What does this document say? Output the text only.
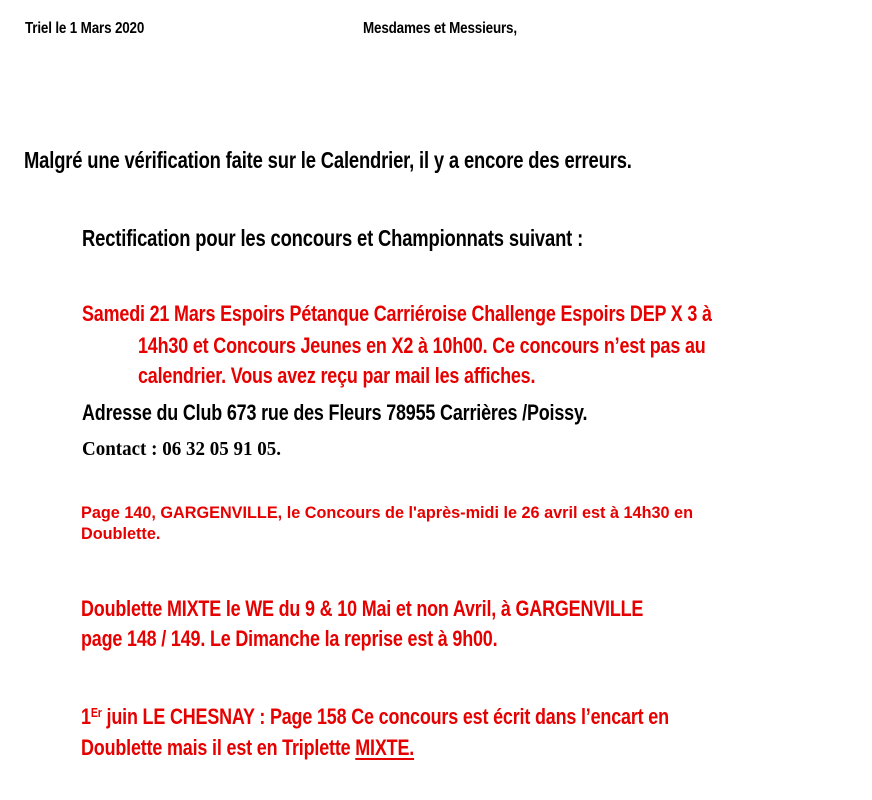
Triel le 1 Mars 2020	Mesdames et Messieurs,
Malgré une vérification faite sur le Calendrier, il y a encore des erreurs.
Rectification pour les concours et Championnats suivant :
Samedi 21 Mars Espoirs Pétanque Carriéroise Challenge Espoirs DEP X 3 à
14h30 et Concours Jeunes en X2 à 10h00. Ce concours n’est pas au
calendrier. Vous avez reçu par mail les affiches.
Adresse du Club 673 rue des Fleurs 78955 Carrières /Poissy.
Contact : 06 32 05 91 05.
Page 140, GARGENVILLE, le Concours de l'après-midi le 26 avril est à 14h30 en
Doublette.
Doublette MIXTE le WE du 9 & 10 Mai et non Avril, à GARGENVILLE
page 148 / 149. Le Dimanche la reprise est à 9h00.
1Er juin LE CHESNAY : Page 158 Ce concours est écrit dans l’encart en
Doublette mais il est en Triplette MIXTE.
